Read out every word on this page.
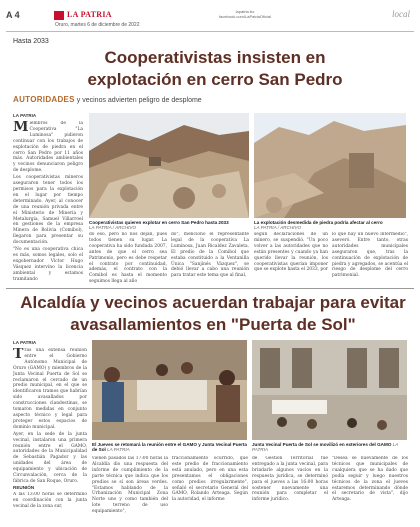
A 4	LA PATRIA
Oruro, martes 6 de diciembre de 2022
lapatria.bo
facebook.com/LaPatriaOficial	local
Hasta 2033
Cooperativistas insisten en explotación en cerro San Pedro
AUTORIDADES y vecinos advierten peligro de desplome
LA PATRIA
M iembros de la Cooperativa "La Luminosa" pidieron continuar con los trabajos de explotación de piedra en el cerro San Pedro por 11 años más. Autoridades ambientales y vecinos denunciaron peligro de desplome.

Los cooperativistas mineros aseguraron tener todos los permisos para la explotación en el lugar por tiempo determinado. Ayer, al conocer de una reunión privada entre el Ministerio de Minería y Metalurgia, Samuel Villarroel en gestiones de la empresa Minera de Bolivia (Comibol), llegaron para presentar su documentación.

"No es una cooperativa chica es más, somos legales, solo el exgobernador Víctor Hugo Vásquez intervino la licencia ambiental y estamos tramitando

Cooperativistas quieren explotar en cerro San Pedro hasta 2033
LA PATRIA / ARCHIVO
La explotación desmedida de piedra podría afectar al cerro
LA PATRIA / ARCHIVO

do eso, pero no nos dejan, pues todos tienen su lugar. La cooperativa ha sido fundada 2007, antes de que el cerro sea Patrimonio, pero es debe respetar el contrato por continuidad, además, el contrato con la Comibol es hasta el momento seguimos llega al año

do", mencionó el representante legal de la cooperativa La Luminosa, Juan Ricaldez Zavaleta. El predio de la Comibol que estaba constituido a la Ventanilla Única "Sanjinés Vázquez", se debió llevar a cabo una reunión para tratar este tema que al final,

según declaraciones de un minero, se suspendió. "Un poco volver a las autoridades que no están presentes y cuando ya han querido llevar la reunión, los cooperativistas querían imponer que se explote hasta el 2033, por

lo que hay un nuevo intermedio", aseveró. Entre tanto, otras autoridades municipales aseguraron que, tras la continuación de explotación de piedra y agregados, se acentúa el riesgo de desplome del cerro patrimonial.

Alcaldía y vecinos acuerdan trabajar para evitar avasallamientos en "Puerta de Sol"
LA PATRIA
T ras una extensa reunión entre el Gobierno Autónomo Municipal de Oruro (GAMO) y miembros de la Junta Vecinal Puerta de Sol se reclamaron el cercado de un predio municipal, en el que se identificaron tramos que habrían sido avasallados por construcciones clandestinas, se tomaron medidas en conjunto aspecto técnico y legal para proteger estos espacios de dominio municipal.

Ayer, en la sede de la junta vecinal, instalaron una primera reunión entre el GAMO, autoridades de la Municipalidad de Sebastián Pagador y las unidades del área de equipamiento y ubicación de Circunvalación, cerca de la fábrica de San Roque, Oruro.

REUNIÓN

A las 13:00 horas se determinó en coordinación con la junta vecinal de la zona sur,

El Jueves se retomará la reunión entre el GAMO y Junta Vecinal Puerta de Sol LA PATRIA
Junta Vecinal Puerta de Sol se movilizó en exteriores del GAMO LA PATRIA

vienen pasados las 17:00 horas la Alcaldía dio una respuesta del informe de cumplimiento de la parte técnica que indica que los predios se sí son áreas verdes. "Estamos hablando de la Urbanización Municipal Zona Norte uno y como también del lote terreno de uso equipamiento",

fraccionamiento ocurrido, que este predio de fraccionamiento está anulado, pero en una esta presentamos el obligaciones como predios irregularmente", señaló el secretario General del GAMO, Rolando Arteaga. Según la autoridad, el informe

de Gestión Territorial fue entregado a la junta vecinal, para brindarle algunos vacíos en la respuesta jurídica, se determinó para el jueves a las 16:00 horas sostener nuevamente una reunión para completar el informe jurídico.

"Desea se nuevamente de los técnicos que municipales de cualquiera que se ha dado que podía seguir y luego nuestros técnicos de la zona el jueves estaremos determinando dónde el secretario de vista", dijo Arteaga.
